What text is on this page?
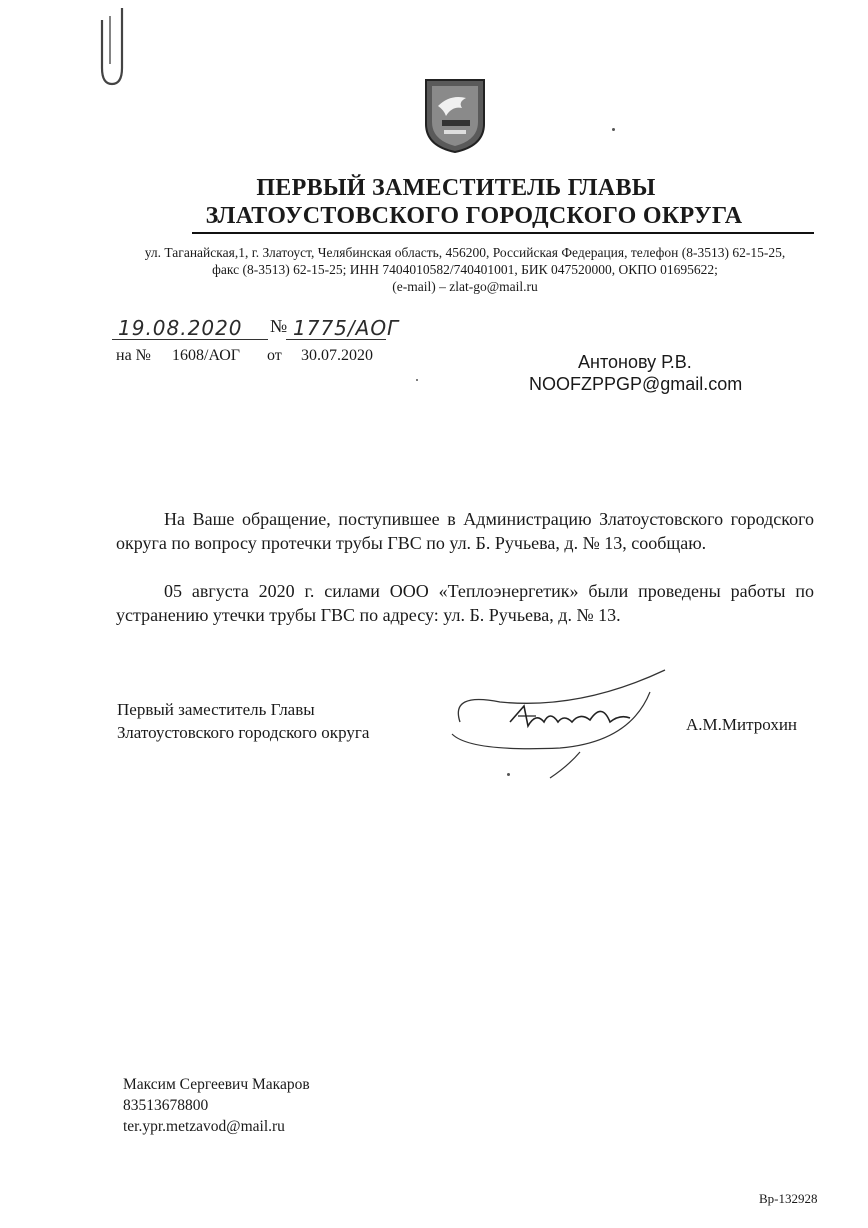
ПЕРВЫЙ ЗАМЕСТИТЕЛЬ ГЛАВЫ
ЗЛАТОУСТОВСКОГО ГОРОДСКОГО ОКРУГА
ул. Таганайская,1, г. Златоуст, Челябинская область, 456200, Российская Федерация, телефон (8-3513) 62-15-25,
факс (8-3513) 62-15-25; ИНН 7404010582/740401001, БИК 047520000, ОКПО 01695622;
(e-mail) – zlat-go@mail.ru
19.08.2020 № 1775/АОГ
на № 1608/АОГ от 30.07.2020	Антонову Р.В.
NOOFZPPGP@gmail.com
На Ваше обращение, поступившее в Администрацию Златоустовского городского округа по вопросу протечки трубы ГВС по ул. Б. Ручьева, д. № 13, сообщаю.
05 августа 2020 г. силами ООО «Теплоэнергетик» были проведены работы по устранению утечки трубы ГВС по адресу: ул. Б. Ручьева, д. № 13.
Первый заместитель Главы
Златоустовского городского округа	А.М.Митрохин
Максим Сергеевич Макаров
83513678800
ter.ypr.metzavod@mail.ru
Вр-132928
